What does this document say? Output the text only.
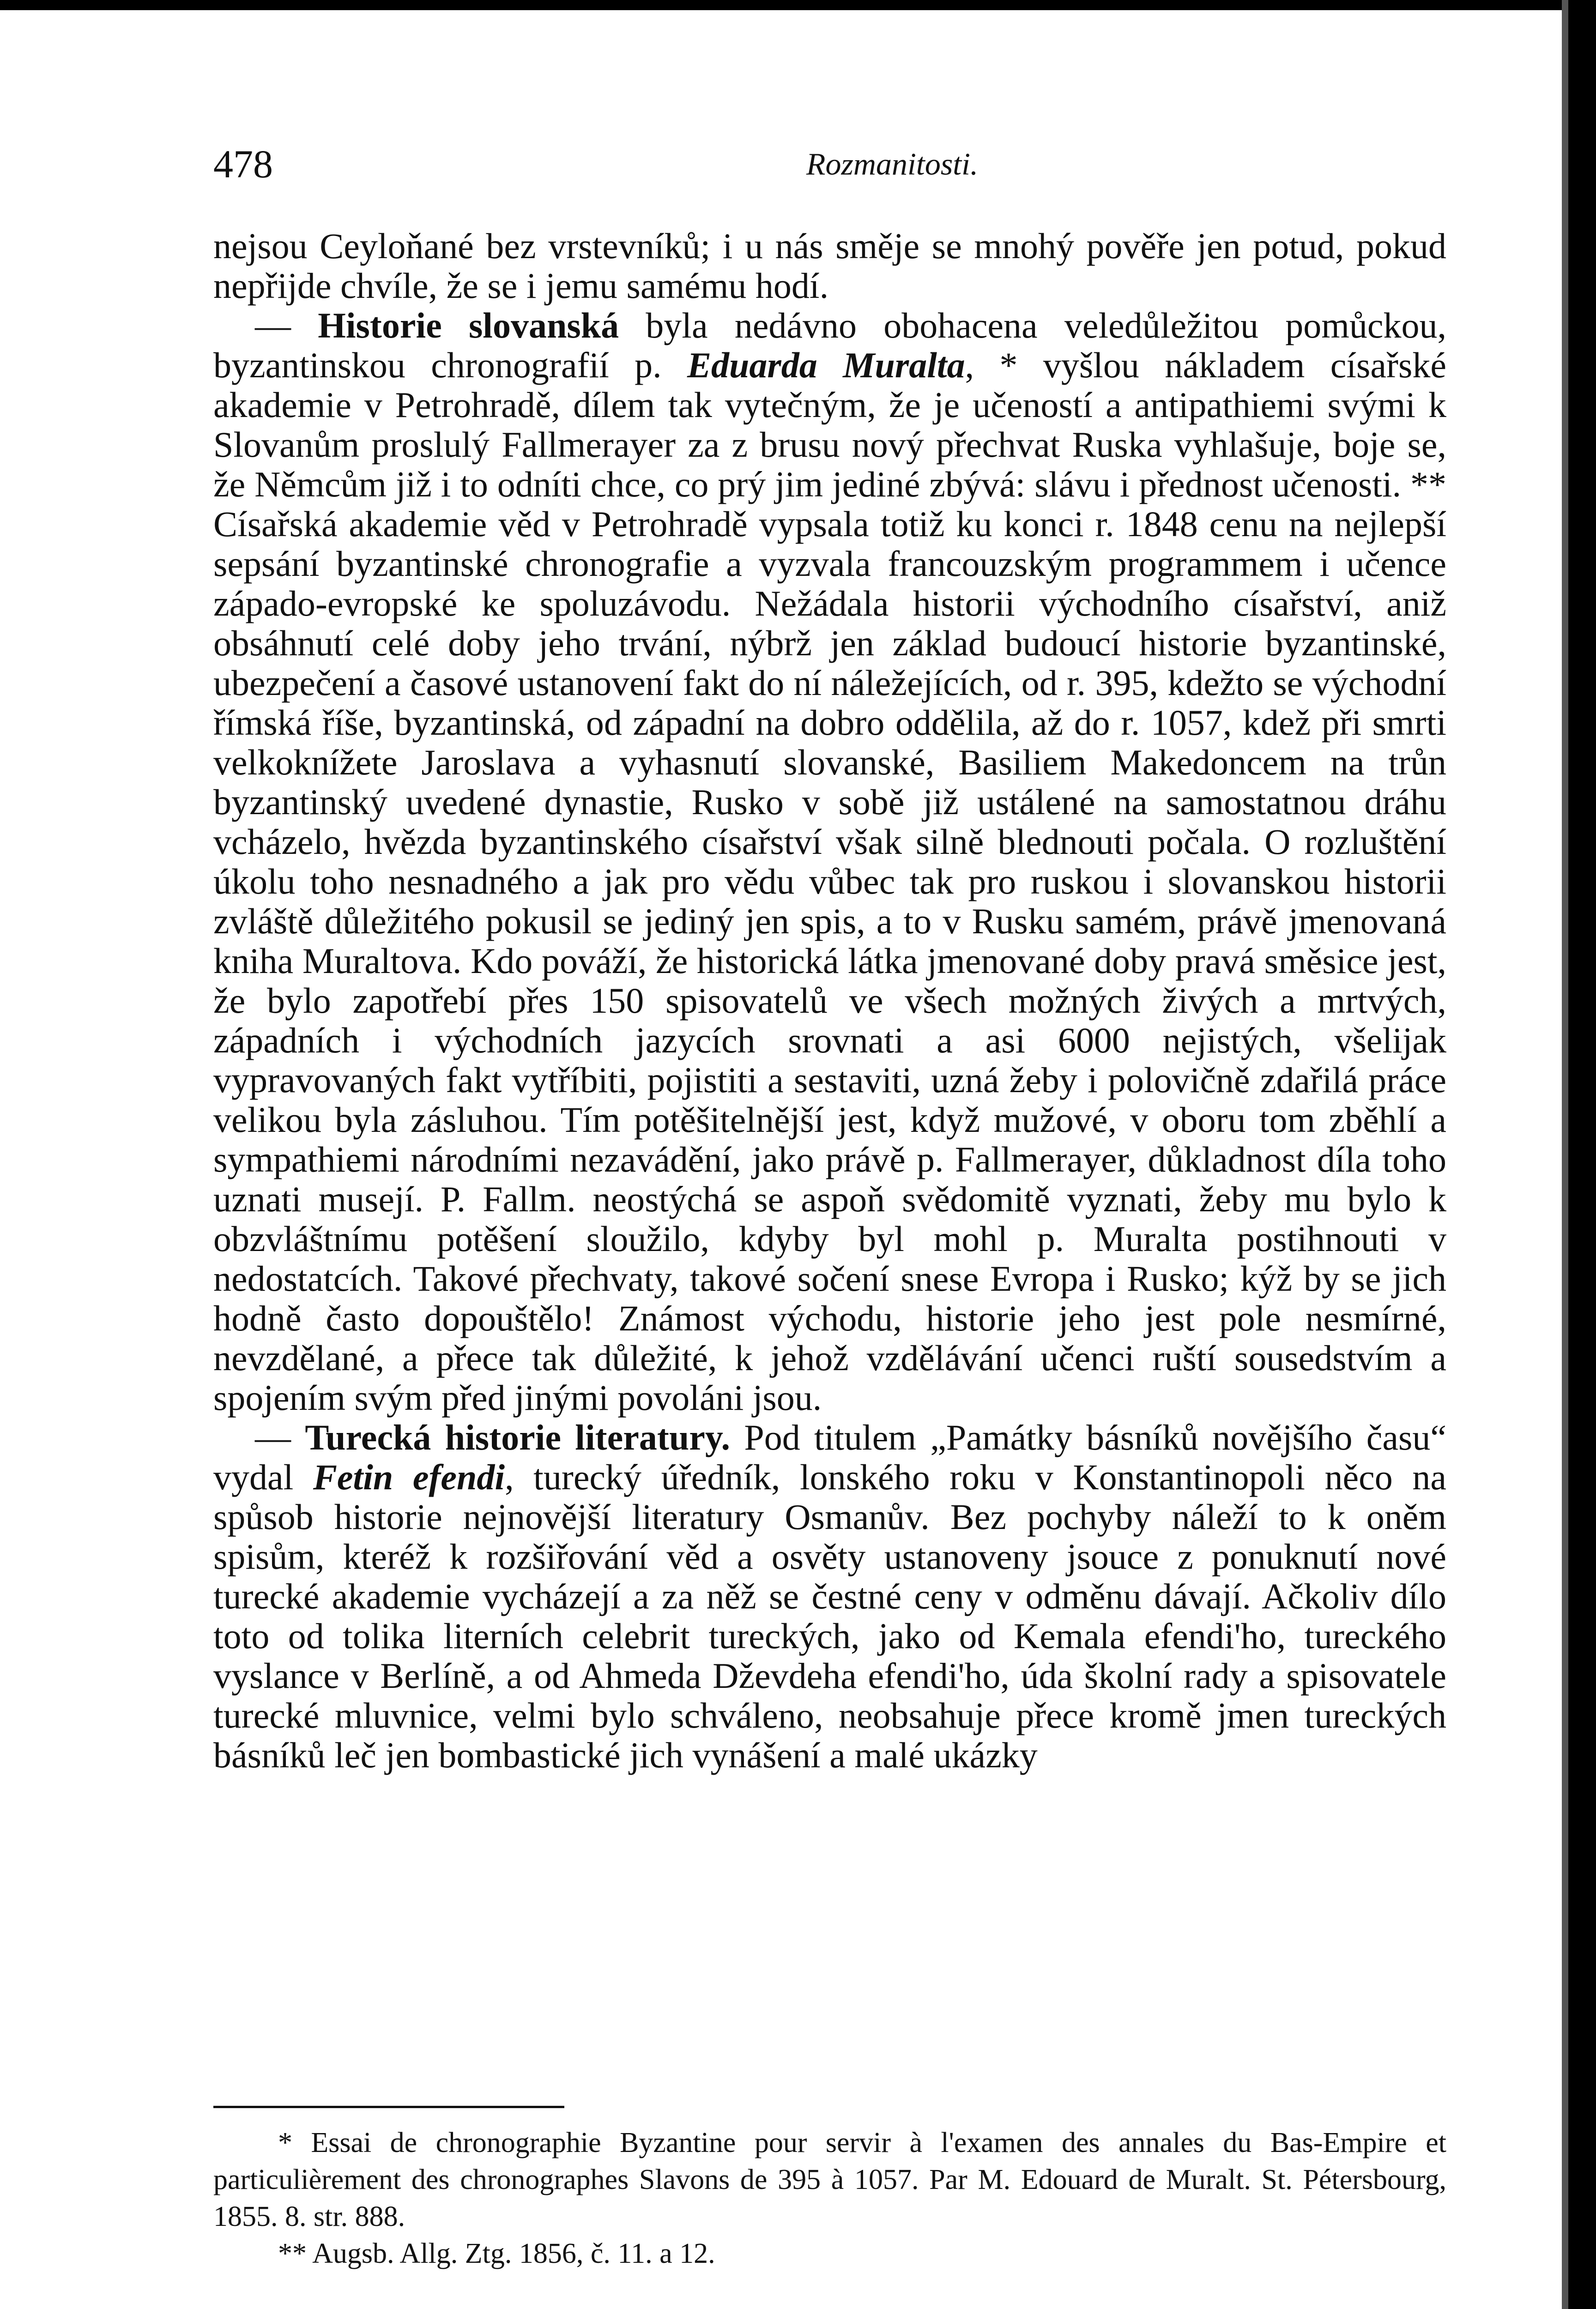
478	Rozmanitosti.

nejsou Ceyloňané bez vrstevníků; i u nás směje se mnohý pověře jen potud, pokud nepřijde chvíle, že se i jemu samému hodí.

— Historie slovanská byla nedávno obohacena veledůležitou pomůckou, byzantinskou chronografií p. Eduarda Muralta, * vyšlou nákladem císařské akademie v Petrohradě, dílem tak vytečným, že je učeností a antipathiemi svými k Slovanům proslulý Fallmerayer za z brusu nový přechvat Ruska vyhlašuje, boje se, že Němcům již i to odníti chce, co prý jim jediné zbývá: slávu i přednost učenosti. ** Císařská akademie věd v Petrohradě vypsala totiž ku konci r. 1848 cenu na nejlepší sepsání byzantinské chronografie a vyzvala francouzským programmem i učence západo-evropské ke spoluzávodu. Nežádala historii východního císařství, aniž obsáhnutí celé doby jeho trvání, nýbrž jen základ budoucí historie byzantinské, ubezpečení a časové ustanovení fakt do ní náležejících, od r. 395, kdežto se východní římská říše, byzantinská, od západní na dobro oddělila, až do r. 1057, kdež při smrti velkoknížete Jaroslava a vyhasnutí slovanské, Basiliem Makedoncem na trůn byzantinský uvedené dynastie, Rusko v sobě již ustálené na samostatnou dráhu vcházelo, hvězda byzantinského císařství však silně blednouti počala. O rozluštění úkolu toho nesnadného a jak pro vědu vůbec tak pro ruskou i slovanskou historii zvláště důležitého pokusil se jediný jen spis, a to v Rusku samém, právě jmenovaná kniha Muraltova. Kdo pováží, že historická látka jmenované doby pravá směsice jest, že bylo zapotřebí přes 150 spisovatelů ve všech možných živých a mrtvých, západních i východních jazycích srovnati a asi 6000 nejistých, všelijak vypravovaných fakt vytříbiti, pojistiti a sestaviti, uzná žeby i polovičně zdařilá práce velikou byla zásluhou. Tím potěšitelnější jest, když mužové, v oboru tom zběhlí a sympathiemi národními nezavádění, jako právě p. Fallmerayer, důkladnost díla toho uznati musejí. P. Fallm. neostýchá se aspoň svědomitě vyznati, žeby mu bylo k obzvláštnímu potěšení sloužilo, kdyby byl mohl p. Muralta postihnouti v nedostatcích. Takové přechvaty, takové sočení snese Evropa i Rusko; kýž by se jich hodně často dopouštělo! Známost východu, historie jeho jest pole nesmírné, nevzdělané, a přece tak důležité, k jehož vzdělávání učenci ruští sousedstvím a spojením svým před jinými povoláni jsou.

— Turecká historie literatury. Pod titulem „Památky básníků novějšího času“ vydal Fetin efendi, turecký úředník, lonského roku v Konstantinopoli něco na spůsob historie nejnovější literatury Osmanův. Bez pochyby náleží to k oněm spisům, kteréž k rozšiřování věd a osvěty ustanoveny jsouce z ponuknutí nové turecké akademie vycházejí a za něž se čestné ceny v odměnu dávají. Ačkoliv dílo toto od tolika literních celebrit tureckých, jako od Kemala efendi'ho, tureckého vyslance v Berlíně, a od Ahmeda Dževdeha efendi'ho, úda školní rady a spisovatele turecké mluvnice, velmi bylo schváleno, neobsahuje přece kromě jmen tureckých básníků leč jen bombastické jich vynášení a malé ukázky

* Essai de chronographie Byzantine pour servir à l'examen des annales du Bas-Empire et particulièrement des chronographes Slavons de 395 à 1057. Par M. Edouard de Muralt. St. Pétersbourg, 1855. 8. str. 888.

** Augsb. Allg. Ztg. 1856, č. 11. a 12.
